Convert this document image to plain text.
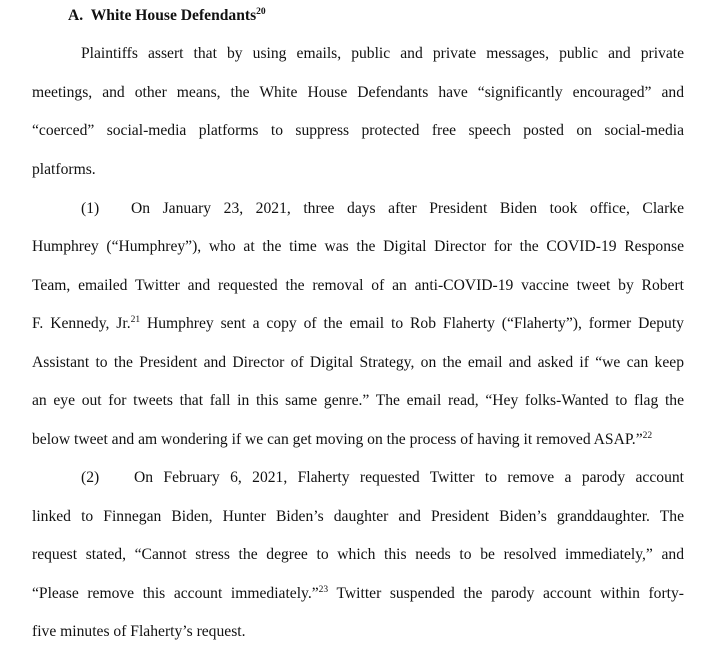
A. White House Defendants$^{20}$
Plaintiffs assert that by using emails, public and private messages, public and private
meetings, and other means, the White House Defendants have “significantly encouraged” and
“coerced” social-media platforms to suppress protected free speech posted on social-media
platforms.
(1)	On January 23, 2021, three days after President Biden took office, Clarke
Humphrey (“Humphrey”), who at the time was the Digital Director for the COVID-19 Response
Team, emailed Twitter and requested the removal of an anti-COVID-19 vaccine tweet by Robert
F. Kennedy, Jr.$^{21}$ Humphrey sent a copy of the email to Rob Flaherty (“Flaherty”), former Deputy
Assistant to the President and Director of Digital Strategy, on the email and asked if “we can keep
an eye out for tweets that fall in this same genre.” The email read, “Hey folks-Wanted to flag the
below tweet and am wondering if we can get moving on the process of having it removed ASAP.”$^{22}$
(2)	On February 6, 2021, Flaherty requested Twitter to remove a parody account
linked to Finnegan Biden, Hunter Biden’s daughter and President Biden’s granddaughter. The
request stated, “Cannot stress the degree to which this needs to be resolved immediately,” and
“Please remove this account immediately.”$^{23}$ Twitter suspended the parody account within forty-
five minutes of Flaherty’s request.
